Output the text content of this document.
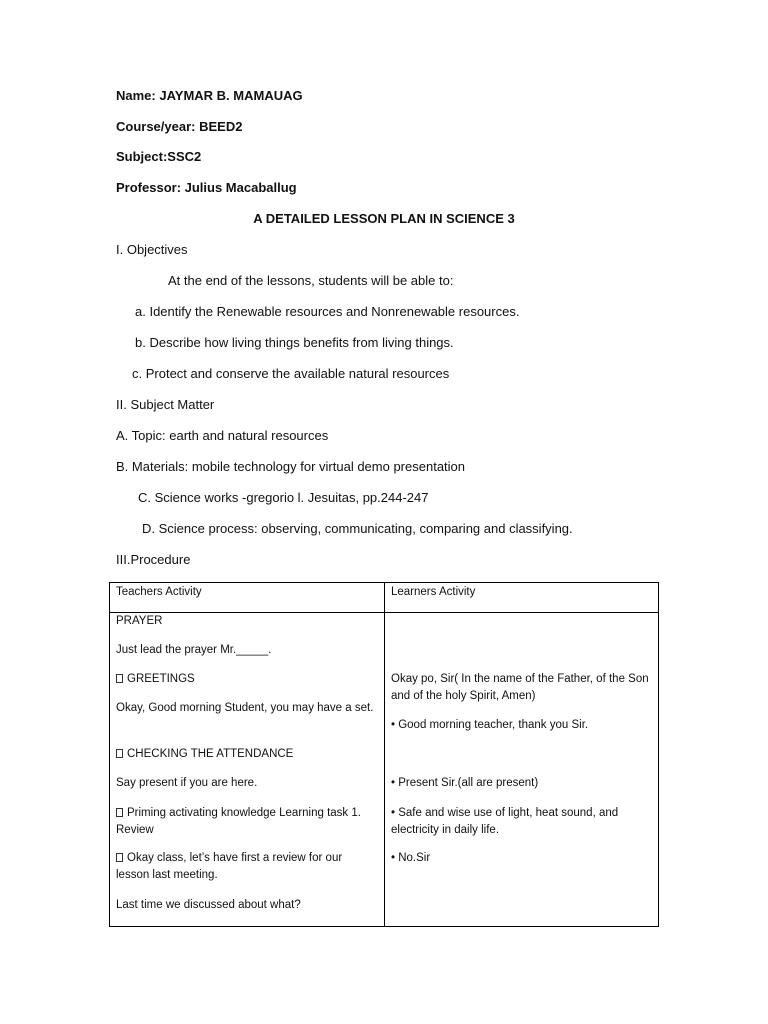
Name: JAYMAR B. MAMAUAG
Course/year: BEED2
Subject:SSC2
Professor: Julius Macaballug
A DETAILED LESSON PLAN IN SCIENCE 3
I. Objectives
At the end of the lessons, students will be able to:
a. Identify the Renewable resources and Nonrenewable resources.
b. Describe how living things benefits from living things.
c. Protect and conserve the available natural resources
II. Subject Matter
A. Topic: earth and natural resources
B. Materials: mobile technology for virtual demo presentation
C. Science works -gregorio l. Jesuitas, pp.244-247
D. Science process: observing, communicating, comparing and classifying.
III.Procedure
Teachers Activity	Learners Activity
PRAYER
Just lead the prayer Mr._____.
GREETINGS
Okay, Good morning Student, you may have a set.
CHECKING THE ATTENDANCE
Say present if you are here.
Priming activating knowledge Learning task 1. Review
Okay class, let’s have first a review for our lesson last meeting.
Last time we discussed about what?
Okay po, Sir( In the name of the Father, of the Son and of the holy Spirit, Amen)
• Good morning teacher, thank you Sir.
• Present Sir.(all are present)
• Safe and wise use of light, heat sound, and electricity in daily life.
• No.Sir
